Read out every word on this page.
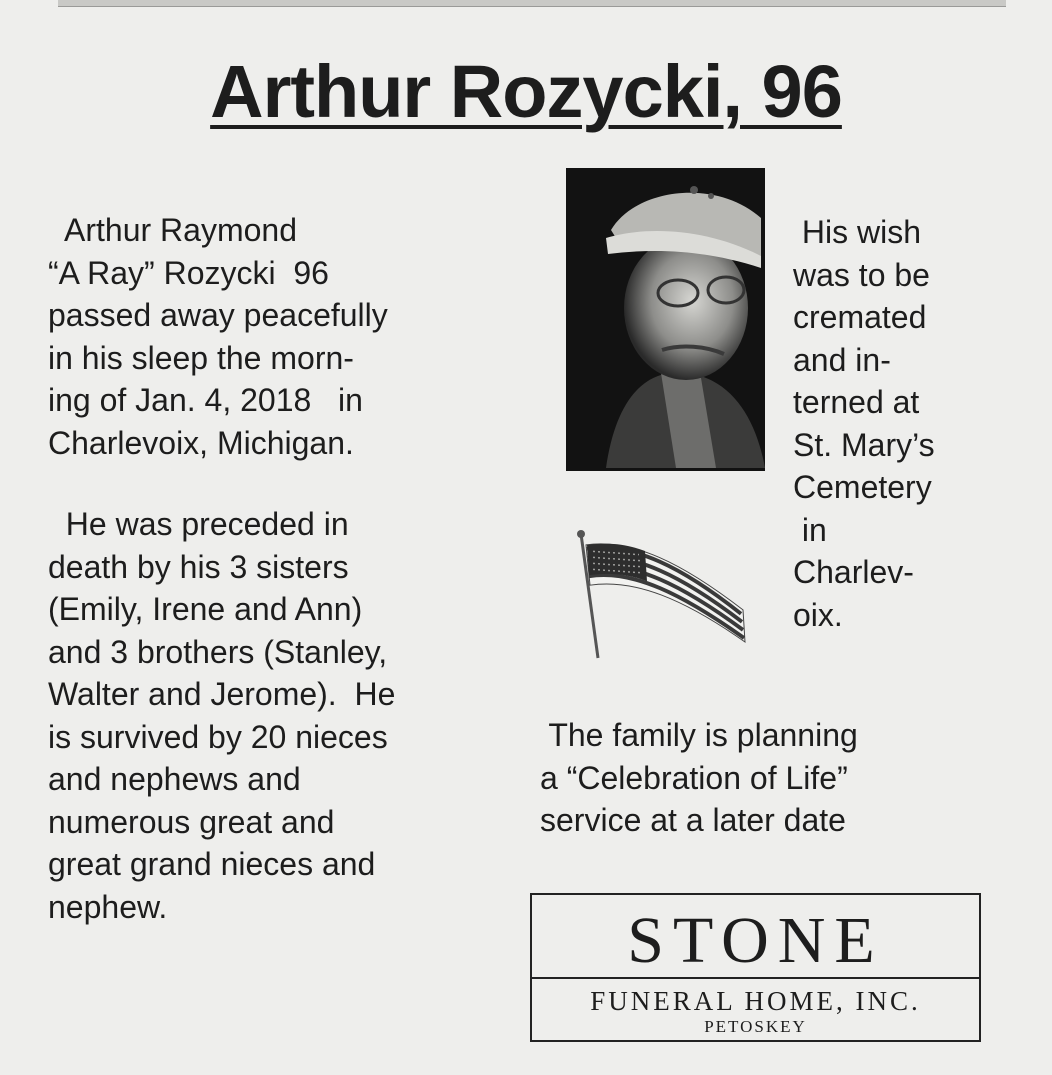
Arthur Rozycki, 96
Arthur Raymond
“A Ray” Rozycki  96
passed away peacefully
in his sleep the morn-
ing of Jan. 4, 2018   in
Charlevoix, Michigan.
He was preceded in
death by his 3 sisters
(Emily, Irene and Ann)
and 3 brothers (Stanley,
Walter and Jerome).  He
is survived by 20 nieces
and nephews and
numerous great and
great grand nieces and
nephew.
His wish
was to be
cremated
and in-
terned at
St. Mary’s
Cemetery
in
Charlev-
oix.
The family is planning
a “Celebration of Life”
service at a later date
STONE
FUNERAL HOME, INC.
PETOSKEY
